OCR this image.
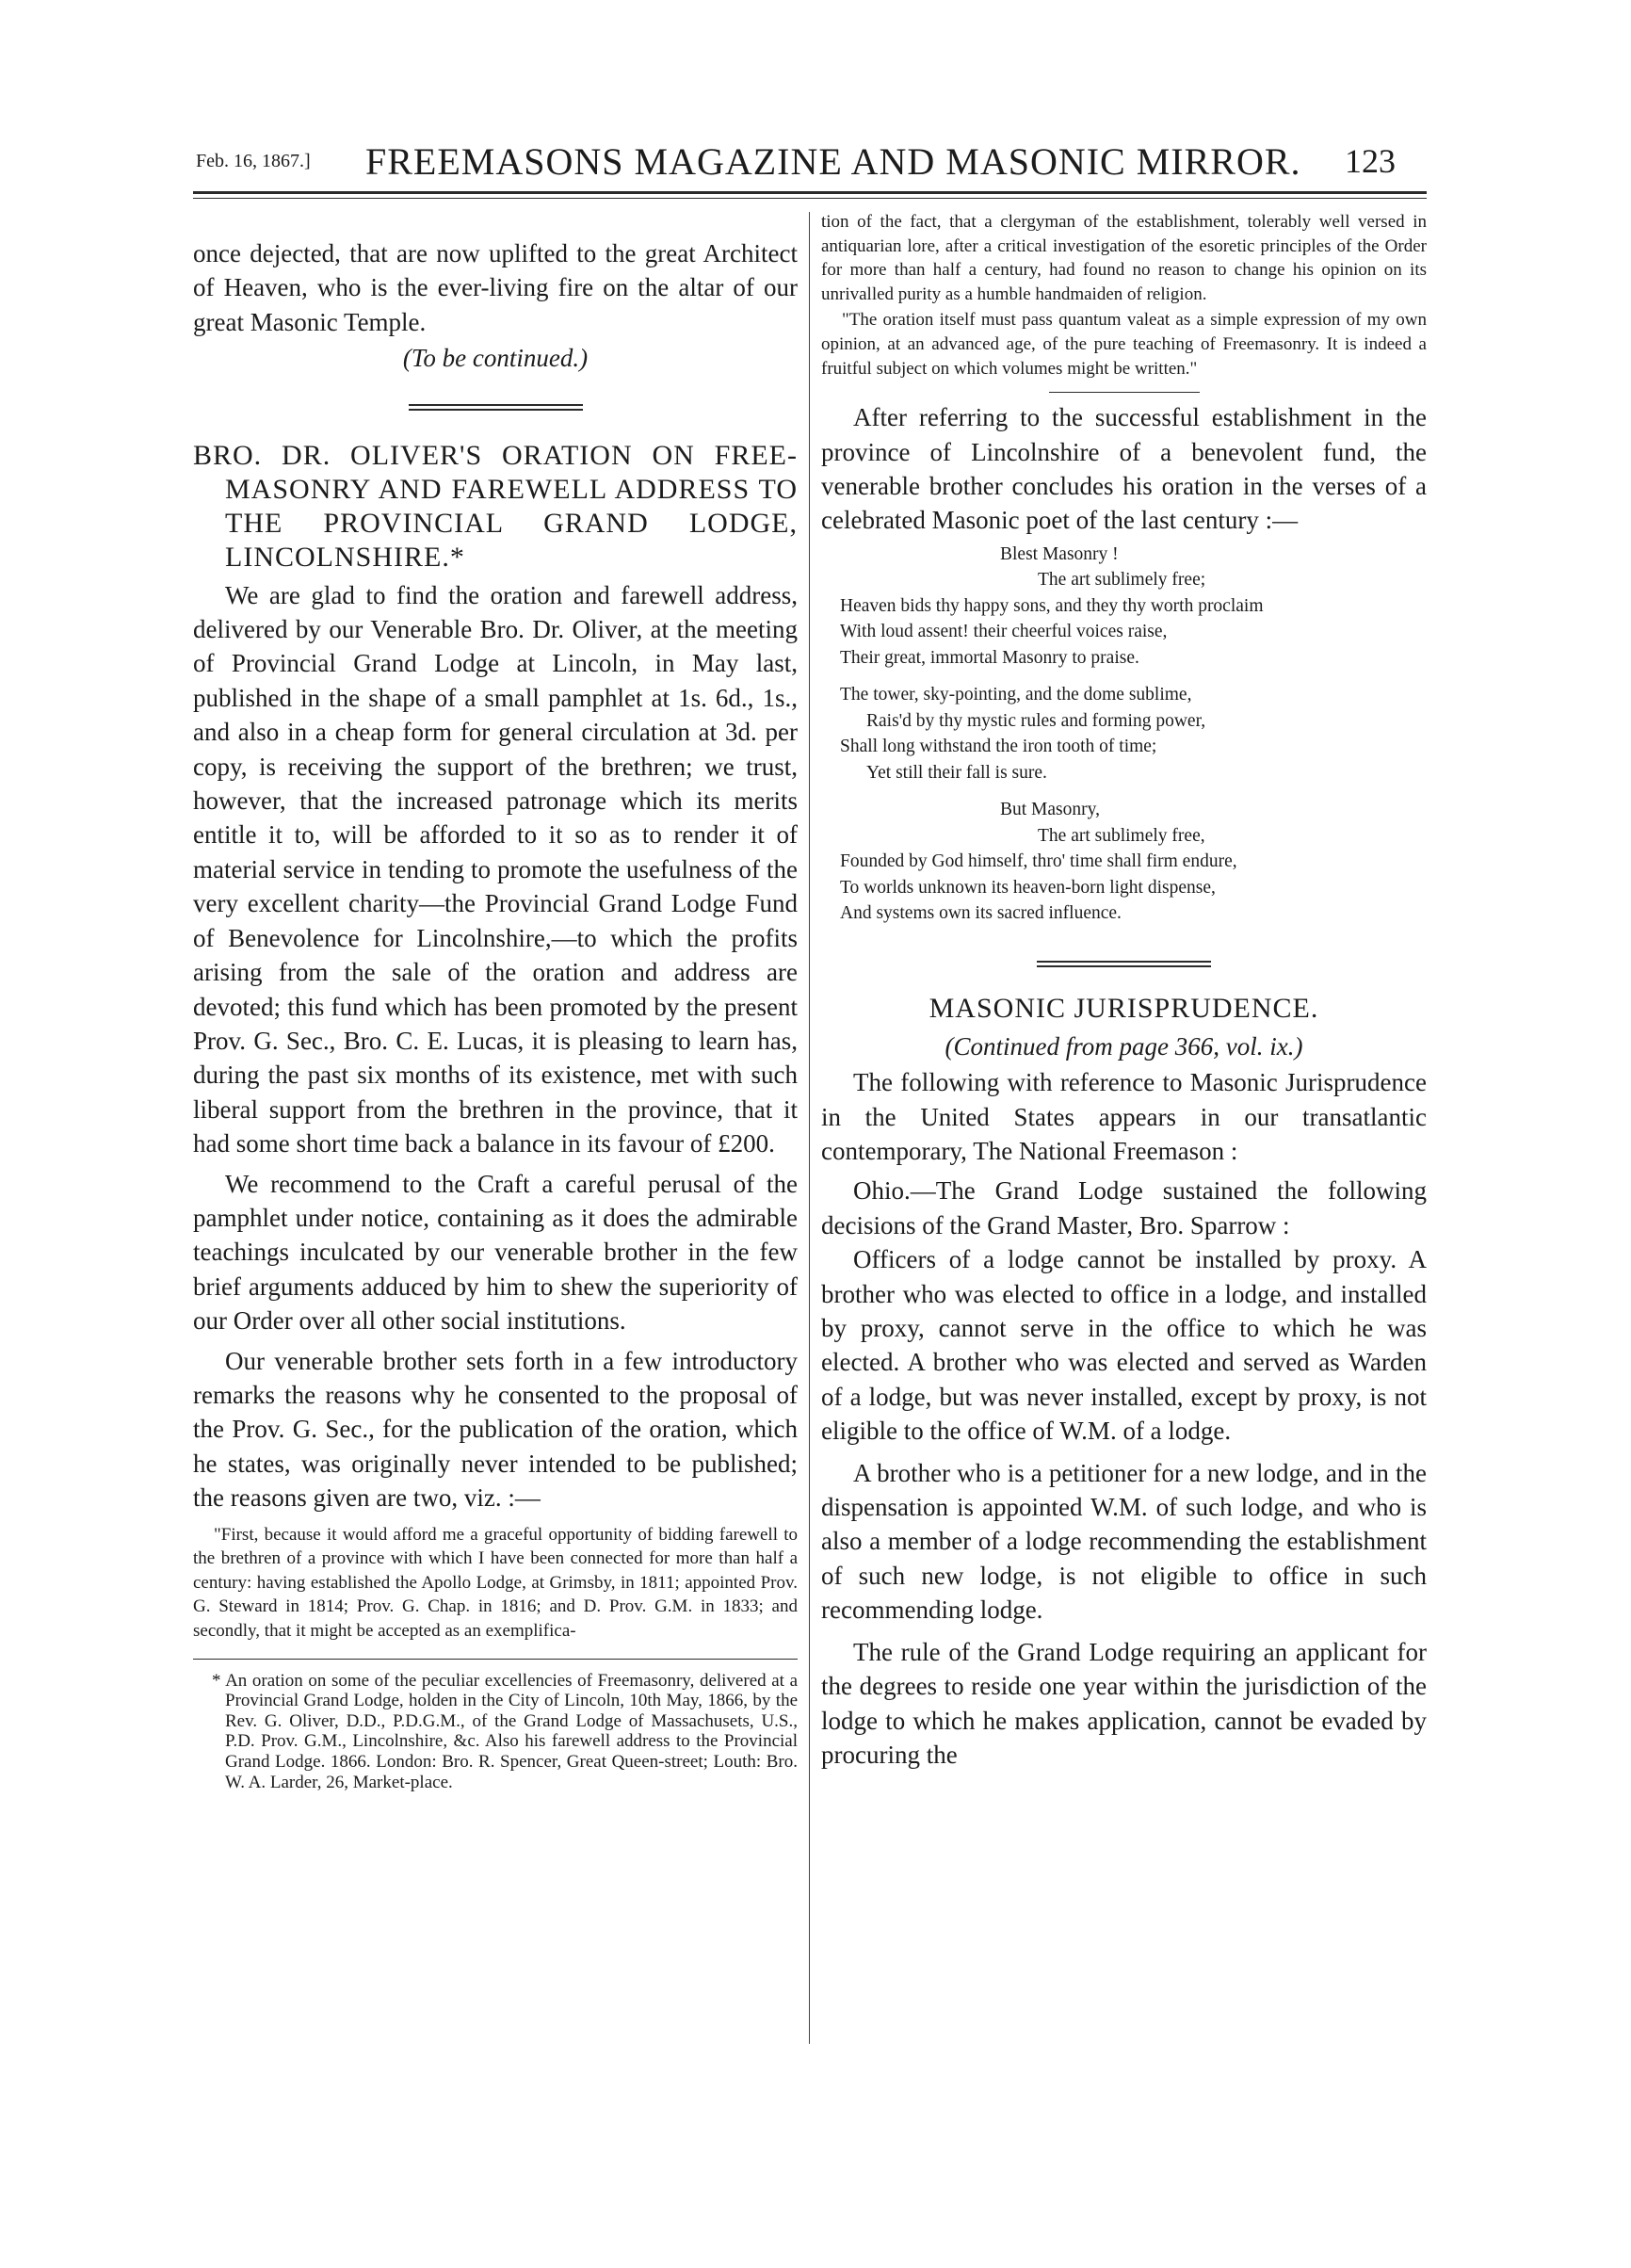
Feb. 16, 1867.] FREEMASONS MAGAZINE AND MASONIC MIRROR. 123

once dejected, that are now uplifted to the great Architect of Heaven, who is the ever-living fire on the altar of our great Masonic Temple.

(To be continued.)

BRO. DR. OLIVER'S ORATION ON FREE-MASONRY AND FAREWELL ADDRESS TO THE PROVINCIAL GRAND LODGE, LINCOLNSHIRE.*

We are glad to find the oration and farewell address, delivered by our Venerable Bro. Dr. Oliver, at the meeting of Provincial Grand Lodge at Lincoln, in May last, published in the shape of a small pamphlet at 1s. 6d., 1s., and also in a cheap form for general circulation at 3d. per copy, is receiving the support of the brethren; we trust, however, that the increased patronage which its merits entitle it to, will be afforded to it so as to render it of material service in tending to promote the usefulness of the very excellent charity—the Provincial Grand Lodge Fund of Benevolence for Lincolnshire,—to which the profits arising from the sale of the oration and address are devoted; this fund which has been promoted by the present Prov. G. Sec., Bro. C. E. Lucas, it is pleasing to learn has, during the past six months of its existence, met with such liberal support from the brethren in the province, that it had some short time back a balance in its favour of £200.

We recommend to the Craft a careful perusal of the pamphlet under notice, containing as it does the admirable teachings inculcated by our venerable brother in the few brief arguments adduced by him to shew the superiority of our Order over all other social institutions.

Our venerable brother sets forth in a few introductory remarks the reasons why he consented to the proposal of the Prov. G. Sec., for the publication of the oration, which he states, was originally never intended to be published; the reasons given are two, viz. :—

"First, because it would afford me a graceful opportunity of bidding farewell to the brethren of a province with which I have been connected for more than half a century: having established the Apollo Lodge, at Grimsby, in 1811; appointed Prov. G. Steward in 1814; Prov. G. Chap. in 1816; and D. Prov. G.M. in 1833; and secondly, that it might be accepted as an exemplifica-

* An oration on some of the peculiar excellencies of Freemasonry, delivered at a Provincial Grand Lodge, holden in the City of Lincoln, 10th May, 1866, by the Rev. G. Oliver, D.D., P.D.G.M., of the Grand Lodge of Massachusets, U.S., P.D. Prov. G.M., Lincolnshire, &c. Also his farewell address to the Provincial Grand Lodge. 1866. London: Bro. R. Spencer, Great Queen-street; Louth: Bro. W. A. Larder, 26, Market-place.

tion of the fact, that a clergyman of the establishment, tolerably well versed in antiquarian lore, after a critical investigation of the esoretic principles of the Order for more than half a century, had found no reason to change his opinion on its unrivalled purity as a humble handmaiden of religion.

"The oration itself must pass quantum valeat as a simple expression of my own opinion, at an advanced age, of the pure teaching of Freemasonry. It is indeed a fruitful subject on which volumes might be written."

After referring to the successful establishment in the province of Lincolnshire of a benevolent fund, the venerable brother concludes his oration in the verses of a celebrated Masonic poet of the last century :—

Blest Masonry !
The art sublimely free;
Heaven bids thy happy sons, and they thy worth proclaim
With loud assent! their cheerful voices raise,
Their great, immortal Masonry to praise.
The tower, sky-pointing, and the dome sublime,
Rais'd by thy mystic rules and forming power,
Shall long withstand the iron tooth of time;
Yet still their fall is sure.
But Masonry,
The art sublimely free,
Founded by God himself, thro' time shall firm endure,
To worlds unknown its heaven-born light dispense,
And systems own its sacred influence.

MASONIC JURISPRUDENCE.

(Continued from page 366, vol. ix.)

The following with reference to Masonic Jurisprudence in the United States appears in our transatlantic contemporary, The National Freemason :

Ohio.—The Grand Lodge sustained the following decisions of the Grand Master, Bro. Sparrow :

Officers of a lodge cannot be installed by proxy. A brother who was elected to office in a lodge, and installed by proxy, cannot serve in the office to which he was elected. A brother who was elected and served as Warden of a lodge, but was never installed, except by proxy, is not eligible to the office of W.M. of a lodge.

A brother who is a petitioner for a new lodge, and in the dispensation is appointed W.M. of such lodge, and who is also a member of a lodge recommending the establishment of such new lodge, is not eligible to office in such recommending lodge.

The rule of the Grand Lodge requiring an applicant for the degrees to reside one year within the jurisdiction of the lodge to which he makes application, cannot be evaded by procuring the
